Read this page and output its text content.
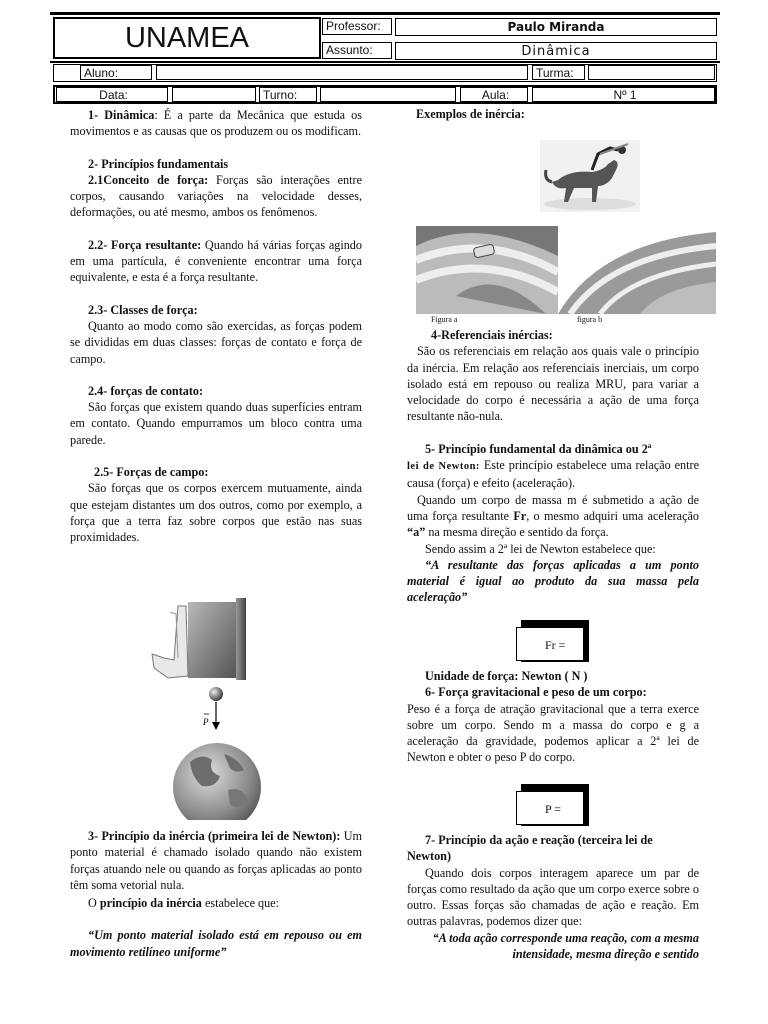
UNAMEA	Professor:	Paulo Miranda
Assunto:	Dinâmica
Aluno:	Turma:
Data:	Turno:	Aula:	Nº 1

1- Dinâmica: É a parte da Mecânica que estuda os movimentos e as causas que os produzem ou os modificam.

2- Princípios fundamentais

2.1Conceito de força: Forças são interações entre corpos, causando variações na velocidade desses, deformações, ou até mesmo, ambos os fenômenos.

2.2- Força resultante: Quando há várias forças agindo em uma partícula, é conveniente encontrar uma força equivalente, e esta é a força resultante.

2.3- Classes de força:

Quanto ao modo como são exercidas, as forças podem se divididas em duas classes: forças de contato e força de campo.

2.4- forças de contato:

São forças que existem quando duas superfícies entram em contato. Quando empurramos um bloco contra uma parede.

2.5- Forças de campo:

São forças que os corpos exercem mutuamente, ainda que estejam distantes um dos outros, como por exemplo, a força que a terra faz sobre corpos que estão nas suas proximidades.

P

3- Princípio da inércia (primeira lei de Newton): Um ponto material é chamado isolado quando não existem forças atuando nele ou quando as forças aplicadas ao ponto têm soma vetorial nula.

O princípio da inércia estabelece que:

“Um ponto material isolado está em repouso ou em movimento retilíneo uniforme”

Exemplos de inércia:
Figura a	figura b
4-Referenciais inércias:

São os referenciais em relação aos quais vale o princípio da inércia. Em relação aos referenciais inerciais, um corpo isolado está em repouso ou realiza MRU, para variar a velocidade do corpo é necessária a ação de uma força resultante não-nula.

5- Princípio fundamental da dinâmica ou 2ª

lei de Newton: Este princípio estabelece uma relação entre causa (força) e efeito (aceleração).

Quando um corpo de massa m é submetido a ação de uma força resultante Fr, o mesmo adquiri uma aceleração “a” na mesma direção e sentido da força.

Sendo assim a 2ª lei de Newton estabelece que:

“A resultante das forças aplicadas a um ponto material é igual ao produto da sua massa pela aceleração”

Fr =
Unidade de força: Newton ( N )
6- Força gravitacional e peso de um corpo:

Peso é a força de atração gravitacional que a terra exerce sobre um corpo. Sendo m a massa do corpo e g a aceleração da gravidade, podemos aplicar a 2ª lei de Newton e obter o peso P do corpo.

P =
7- Princípio da ação e reação (terceira lei de Newton)

Quando dois corpos interagem aparece um par de forças como resultado da ação que um corpo exerce sobre o outro. Essas forças são chamadas de ação e reação. Em outras palavras, podemos dizer que:

“A toda ação corresponde uma reação, com a mesma intensidade, mesma direção e sentido
